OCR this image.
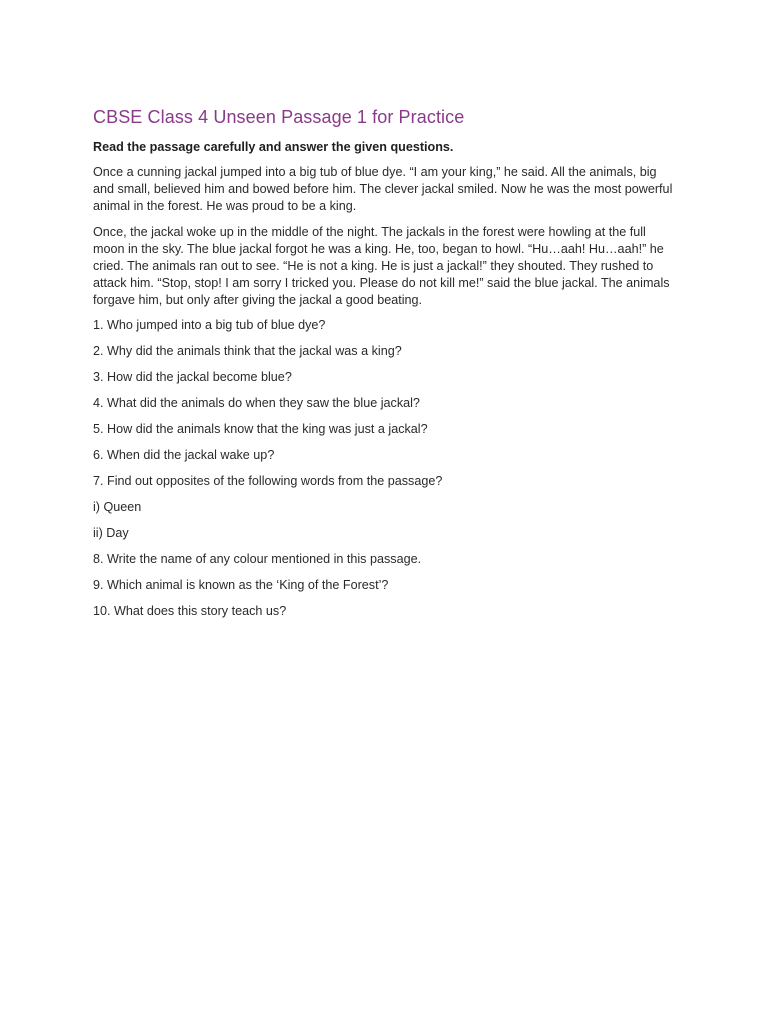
CBSE Class 4 Unseen Passage 1 for Practice

Read the passage carefully and answer the given questions.

Once a cunning jackal jumped into a big tub of blue dye. “I am your king,” he said. All the animals, big and small, believed him and bowed before him. The clever jackal smiled. Now he was the most powerful animal in the forest. He was proud to be a king.

Once, the jackal woke up in the middle of the night. The jackals in the forest were howling at the full moon in the sky. The blue jackal forgot he was a king. He, too, began to howl. “Hu…aah! Hu…aah!” he cried. The animals ran out to see. “He is not a king. He is just a jackal!” they shouted. They rushed to attack him. “Stop, stop! I am sorry I tricked you. Please do not kill me!” said the blue jackal. The animals forgave him, but only after giving the jackal a good beating.

1. Who jumped into a big tub of blue dye?
2. Why did the animals think that the jackal was a king?
3. How did the jackal become blue?
4. What did the animals do when they saw the blue jackal?
5. How did the animals know that the king was just a jackal?
6. When did the jackal wake up?
7. Find out opposites of the following words from the passage?
i) Queen
ii) Day
8. Write the name of any colour mentioned in this passage.
9. Which animal is known as the ‘King of the Forest’?
10. What does this story teach us?
